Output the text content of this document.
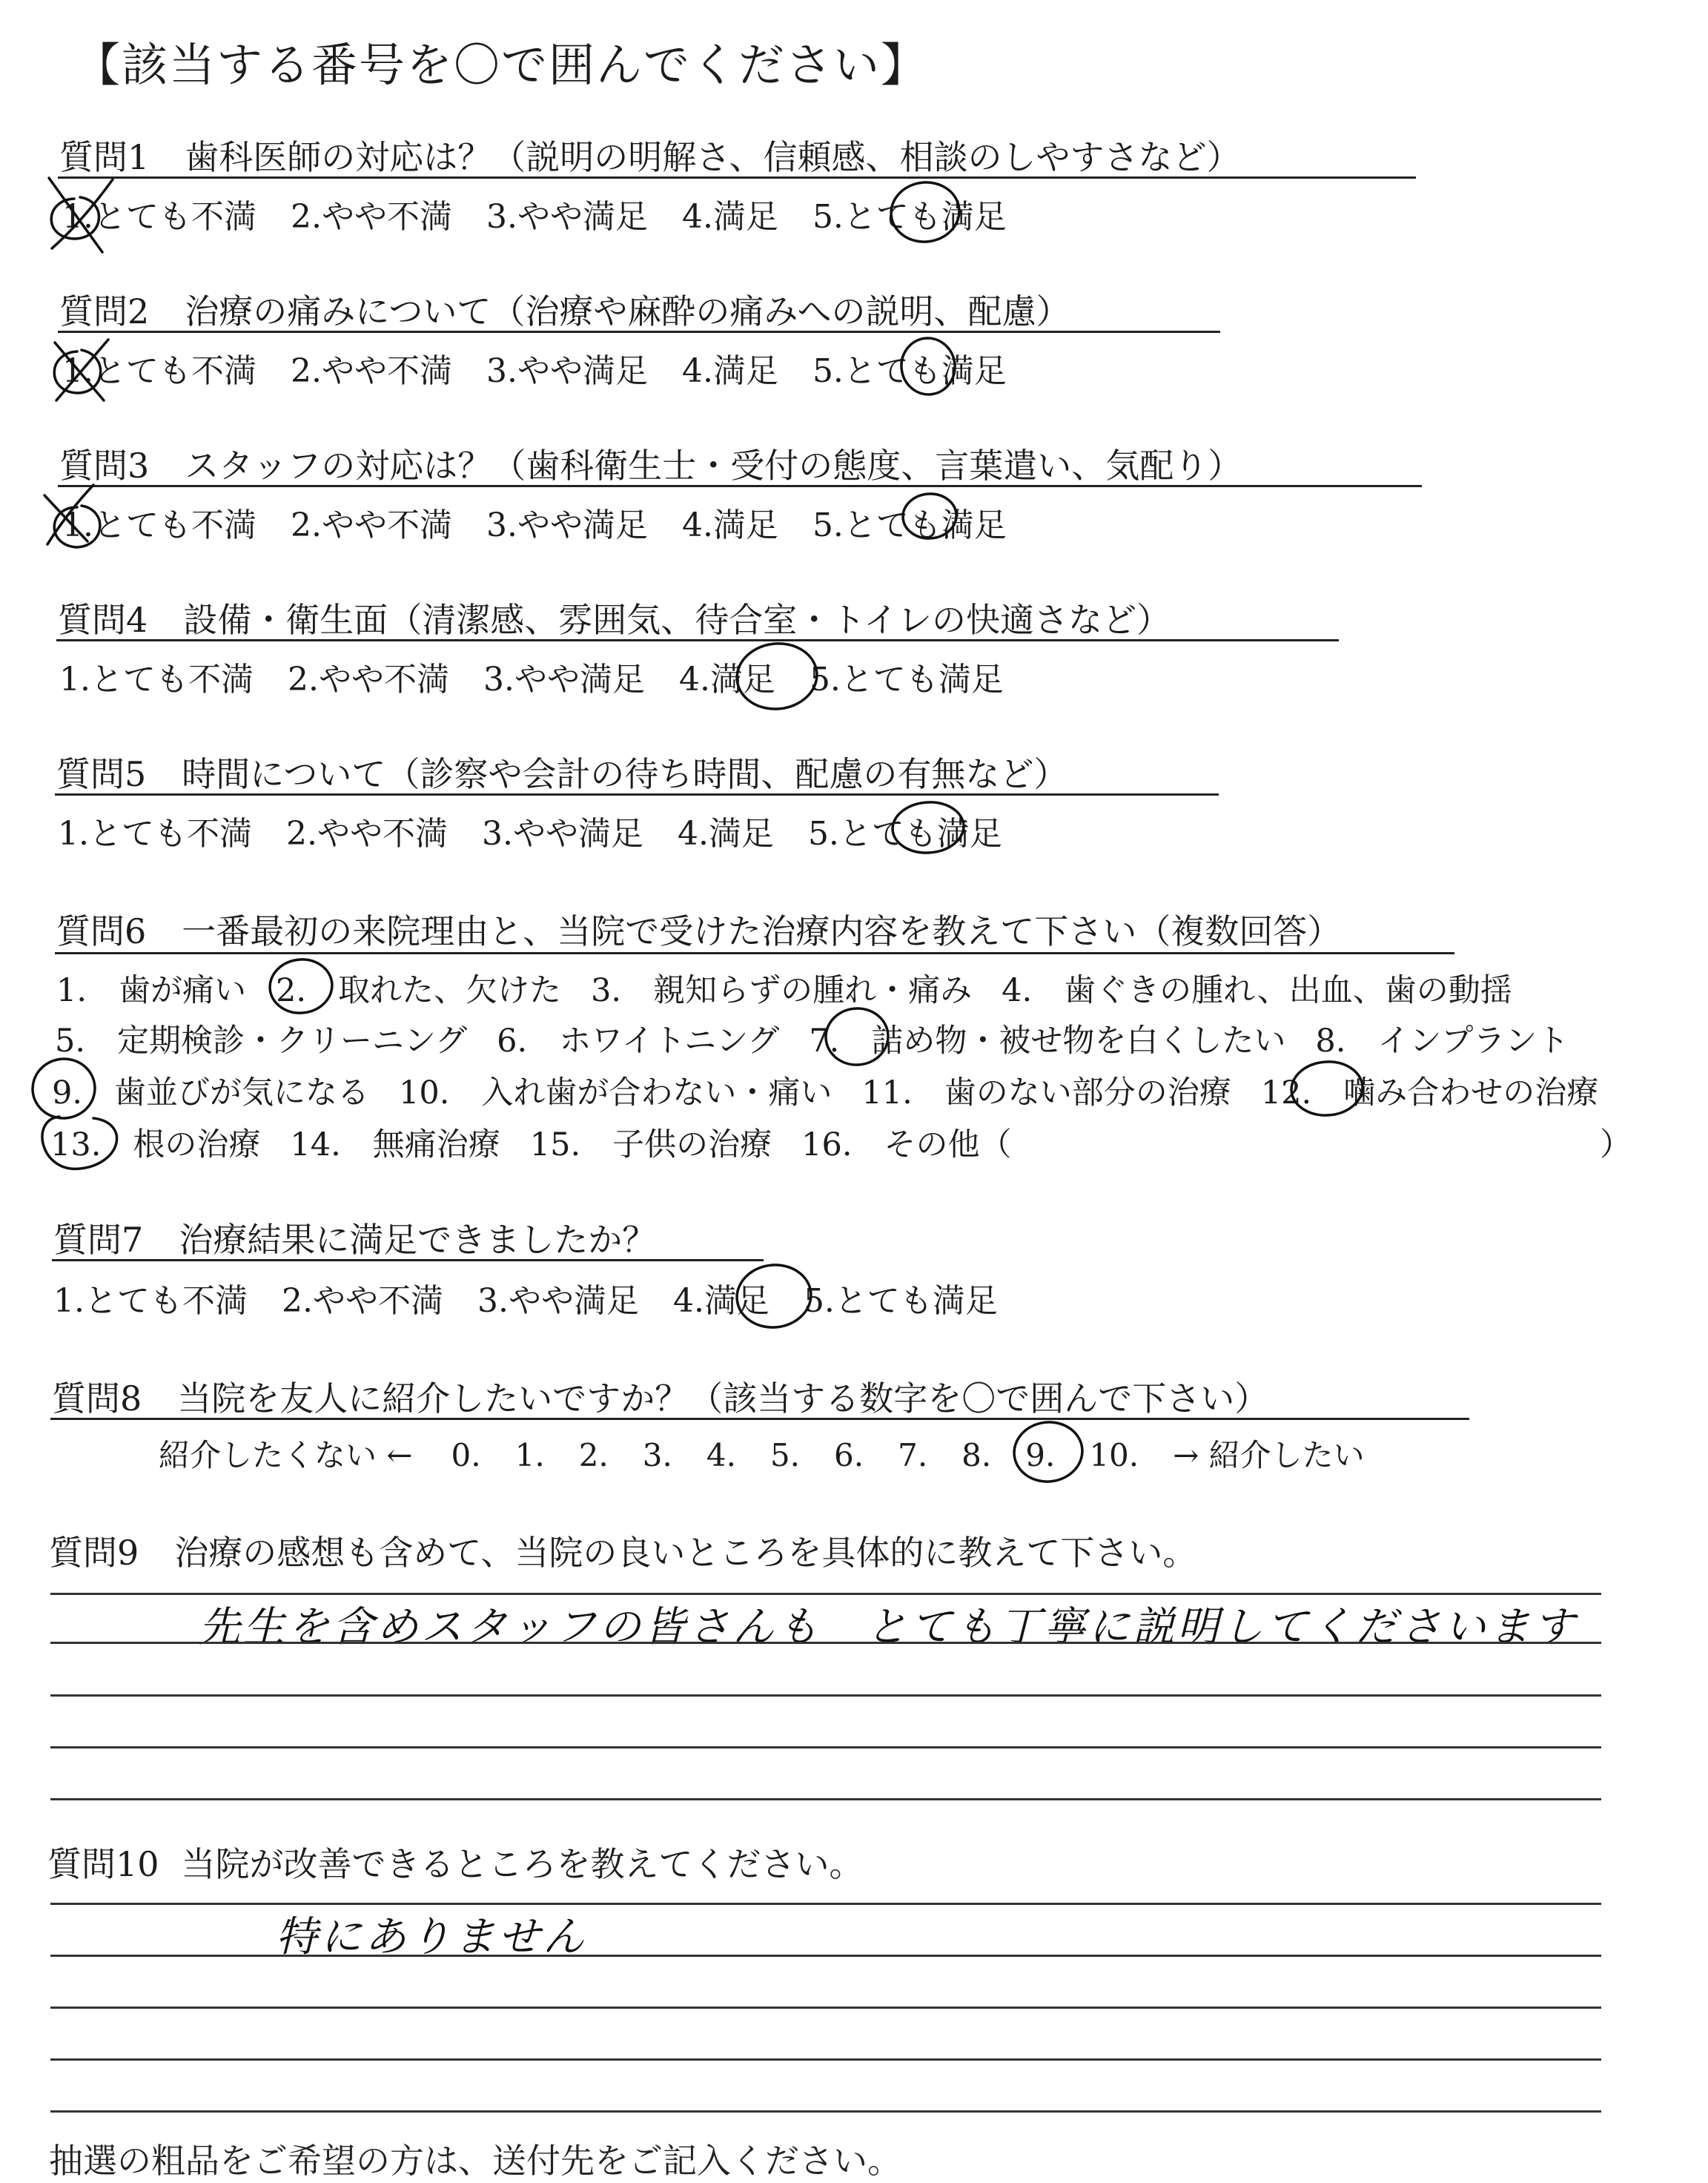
【該当する番号を〇で囲んでください】
質問1 歯科医師の対応は？（説明の明解さ、信頼感、相談のしやすさなど）
1.とても不満 2.やや不満 3.やや満足 4.満足 5.とても満足
質問2 治療の痛みについて（治療や麻酔の痛みへの説明、配慮）
1.とても不満 2.やや不満 3.やや満足 4.満足 5.とても満足
質問3 スタッフの対応は？（歯科衛生士・受付の態度、言葉遣い、気配り）
1.とても不満 2.やや不満 3.やや満足 4.満足 5.とても満足
質問4 設備・衛生面（清潔感、雰囲気、待合室・トイレの快適さなど）
1.とても不満 2.やや不満 3.やや満足 4.満足 5.とても満足
質問5 時間について（診察や会計の待ち時間、配慮の有無など）
1.とても不満 2.やや不満 3.やや満足 4.満足 5.とても満足
質問6 一番最初の来院理由と、当院で受けた治療内容を教えて下さい（複数回答）
1.　歯が痛い 2.　取れた、欠けた 3.　親知らずの腫れ・痛み 4.　歯ぐきの腫れ、出血、歯の動揺
5.　定期検診・クリーニング 6.　ホワイトニング 7.　詰め物・被せ物を白くしたい 8.　インプラント
9.　歯並びが気になる 10.　入れ歯が合わない・痛い 11.　歯のない部分の治療 12.　噛み合わせの治療
13.　根の治療 14.　無痛治療 15.　子供の治療 16.　その他（	）
質問7 治療結果に満足できましたか？
1.とても不満 2.やや不満 3.やや満足 4.満足 5.とても満足
質問8 当院を友人に紹介したいですか？（該当する数字を〇で囲んで下さい）
紹介したくない ← 0. 1. 2. 3. 4. 5. 6. 7. 8. 9. 10. → 紹介したい
質問9 治療の感想も含めて、当院の良いところを具体的に教えて下さい。
先生を含めスタッフの皆さんも　とても丁寧に説明してくださいます
質問10 当院が改善できるところを教えてください。
特にありません
抽選の粗品をご希望の方は、送付先をご記入ください。
